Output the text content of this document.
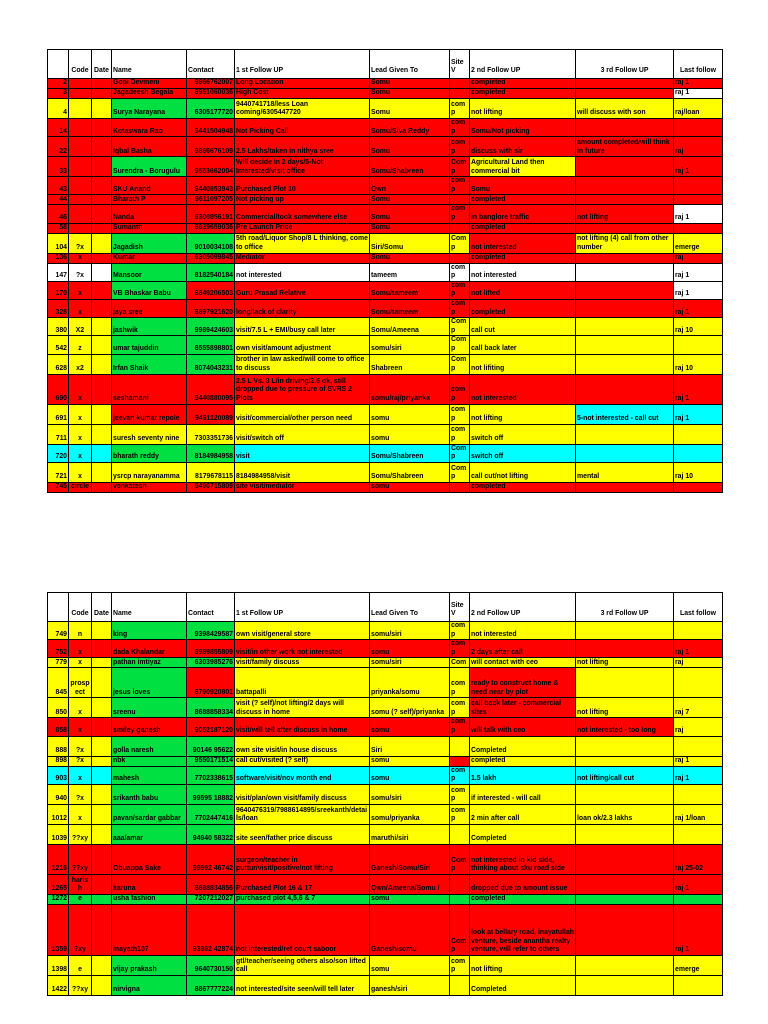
	Code	Date	Name	Contact	1 st Follow UP	Lead Given To	Site V	2 nd Follow UP	3 rd Follow UP	Last follow
2			Gopi Devineni	9866762007	Long Location	Somu		completed		raj 1
3			Jagadeesh Begala	9951060036	High Cost	Somu		completed		raj 1
4			Surya Narayana	6305177720	9440741718/less Loan coming/6305447720	Somu	comp	not lifting	will discuss with son	raj/loan
14			Kotaswara Rao	9441504948	Not Picking Call	Somu/Siva Reddy	comp	Somu/Not picking		
22			Iqbal Basha	9866676109	2.5 Lakhs/taken in nithya sree	Somu	comp	discuss with sir	amount completed/will think in future	raj
33			Surendra - Borugulu	9553662004	Will decide in 2 days/5-Not Interested/visit office	Somu/Shabreen	Comp	Agricultural Land then commercial bit		raj 1
43			SKU Anand	9440853943	Purchased Plot 10	Own	comp	Somu		
44			Bharath P	9611097205	Not picking up	Somu		completed		
46			Nanda	6300856191	Commercial/took somewhere else	Somu	comp	in banglore traffic	not lifting	raj 1
58			Sumanth	8639659036	Pre Launch Price	Somu		completed		
104	?x		Jagadish	9010034108	5th road/Liquor Shop/8 L thinking, come to office	Siri/Somu	Comp	not interested	not lifting (4) call from other number	emerge
136	x		Kumar	6305099845	Mediator	Somu		completed		raj
147	?x		Mansoor	8182540184	not interested	tameem	comp	not interested		raj 1
170	x		VB Bhaskar Babu	8849206503	Guru Prasad Relative	Somu/tameem	comp	not lifted		raj 1
328	x		jaya sree	8897921620	long/lack of clarity	Somu/tameem	comp	completed		raj 1
380	X2		jashwik	9989424603	visit/7.5 L + EMI/busy call later	Somu/Ameena	Comp	call cut		raj 10
542	z		umar tajuddin	8555898801	own visit/amount adjustment	somu/siri	Comp	call back later		
628	x2		Irfan Shaik	8074043231	brother in law asked/will come to office to discuss	Shabreen	Comp	not lifiting		raj 10
690	x		seshamani	9440880095	2.5 L Vs. 3 L/in driving/2.5 ok, still dropped due to pressure of SVRS 2 Plots	somu/raj/priyanka	comp	not interested		raj 1
691	x		jeevan kumar repole	9491120089	visit/commercial/other person need	somu	comp	not lifting	5-not interested - call cut	raj 1
711	x		suresh seventy nine	7303351736	visit/switch off	somu	comp	switch off		
720	x		bharath reddy	8184984958	visit	Somu/Shabreen	Comp	switch off		
721	x		ysrcp narayanamma	8179678115	8184984958/visit	Somu/Shabreen	Comp	call cut/not lifting	mental	raj 10
745	circle		venkatesh	9490715809	site visit/mediator	somu		completed		
	Code	Date	Name	Contact	1 st Follow UP	Lead Given To	Site V	2 nd Follow UP	3 rd Follow UP	Last follow
749	n		king	9398429587	own visit/general store	somu/siri	comp	not interested		
752	x		dada Khalandar	9989855809	visit/in other work not interested	somu	comp	2 days after call		raj 1
779	x		pathan imtiyaz	6303985276	visit/family discuss	somu/siri	Com	will contact with ceo	not lifting	raj
845	prosp ect		jesus loves	8790920801	battapalli	priyanka/somu	comp	ready to construct home & need near by plot		
850	x		sreenu	8688858334	visit (? self)/not lifting/2 days will discuss in home	somu (? self)/priyanka	comp	call back later - commercial sites	not lifting	raj 7
858	x		smiley ganesh	9052187120	visit/will tell after discuss in home	somu	comp	will talk with ceo	not interested - too long	raj
888	?x		golla naresh	90146 95622	own site visit/in house discuss	Siri		Completed		
898	?x		nbk	9550171514	call cut/visited (? self)	somu		completed		raj 1
903	x		mahesh	7702338615	software/visit/nov month end	somu	comp	1.5 lakh	not lifting/call cut	raj 1
940	?x		srikanth babu	99595 18882	visit/plan/own visit/family discuss	somu/siri	comp	if interested - will call		
1012	x		pavan/sardar gabbar	7702447416	9640476319/7988614895/sreekanth/details/loan	somu/priyanka	comp	2 min after call	loan ok/2.3 lakhs	raj 1/loan
1039	??xy		aaa/amar	94940 58322	site seen/father price discuss	maruthi/siri		Completed		
1216	??xy		Obuappa Sake	99592 46742	surgeon/teacher in puttur/visit/positive/not lifting	Ganesh/Somu/Siri	Comp	not interested in kid side, thinking about sku road side		raj 25-02
1265	haris h		karuna	8688834856	Purchased Plot 16 & 17	Own/Ameena/Somu /		dropped due to amount issue		raj 1
1272	e		usha fashion	7207212027	purchased plot 4,5,6 & 7	somu		completed		
1359	?xy		inayath107	93982 42874	not interested/ref court saboor	Ganesh/somu	Comp	look at bellary road, inayatullah venture, beside anantha realty venture, will refer to others		raj 1
1398	e		vijay prakash	9640730150	gtl/teacher/seeing others also/son lifted call	somu	comp	not lifting		emerge
1422	??xy		nirvigna	8867777224	not interested/site seen/will tell later	ganesh/siri		Completed		
